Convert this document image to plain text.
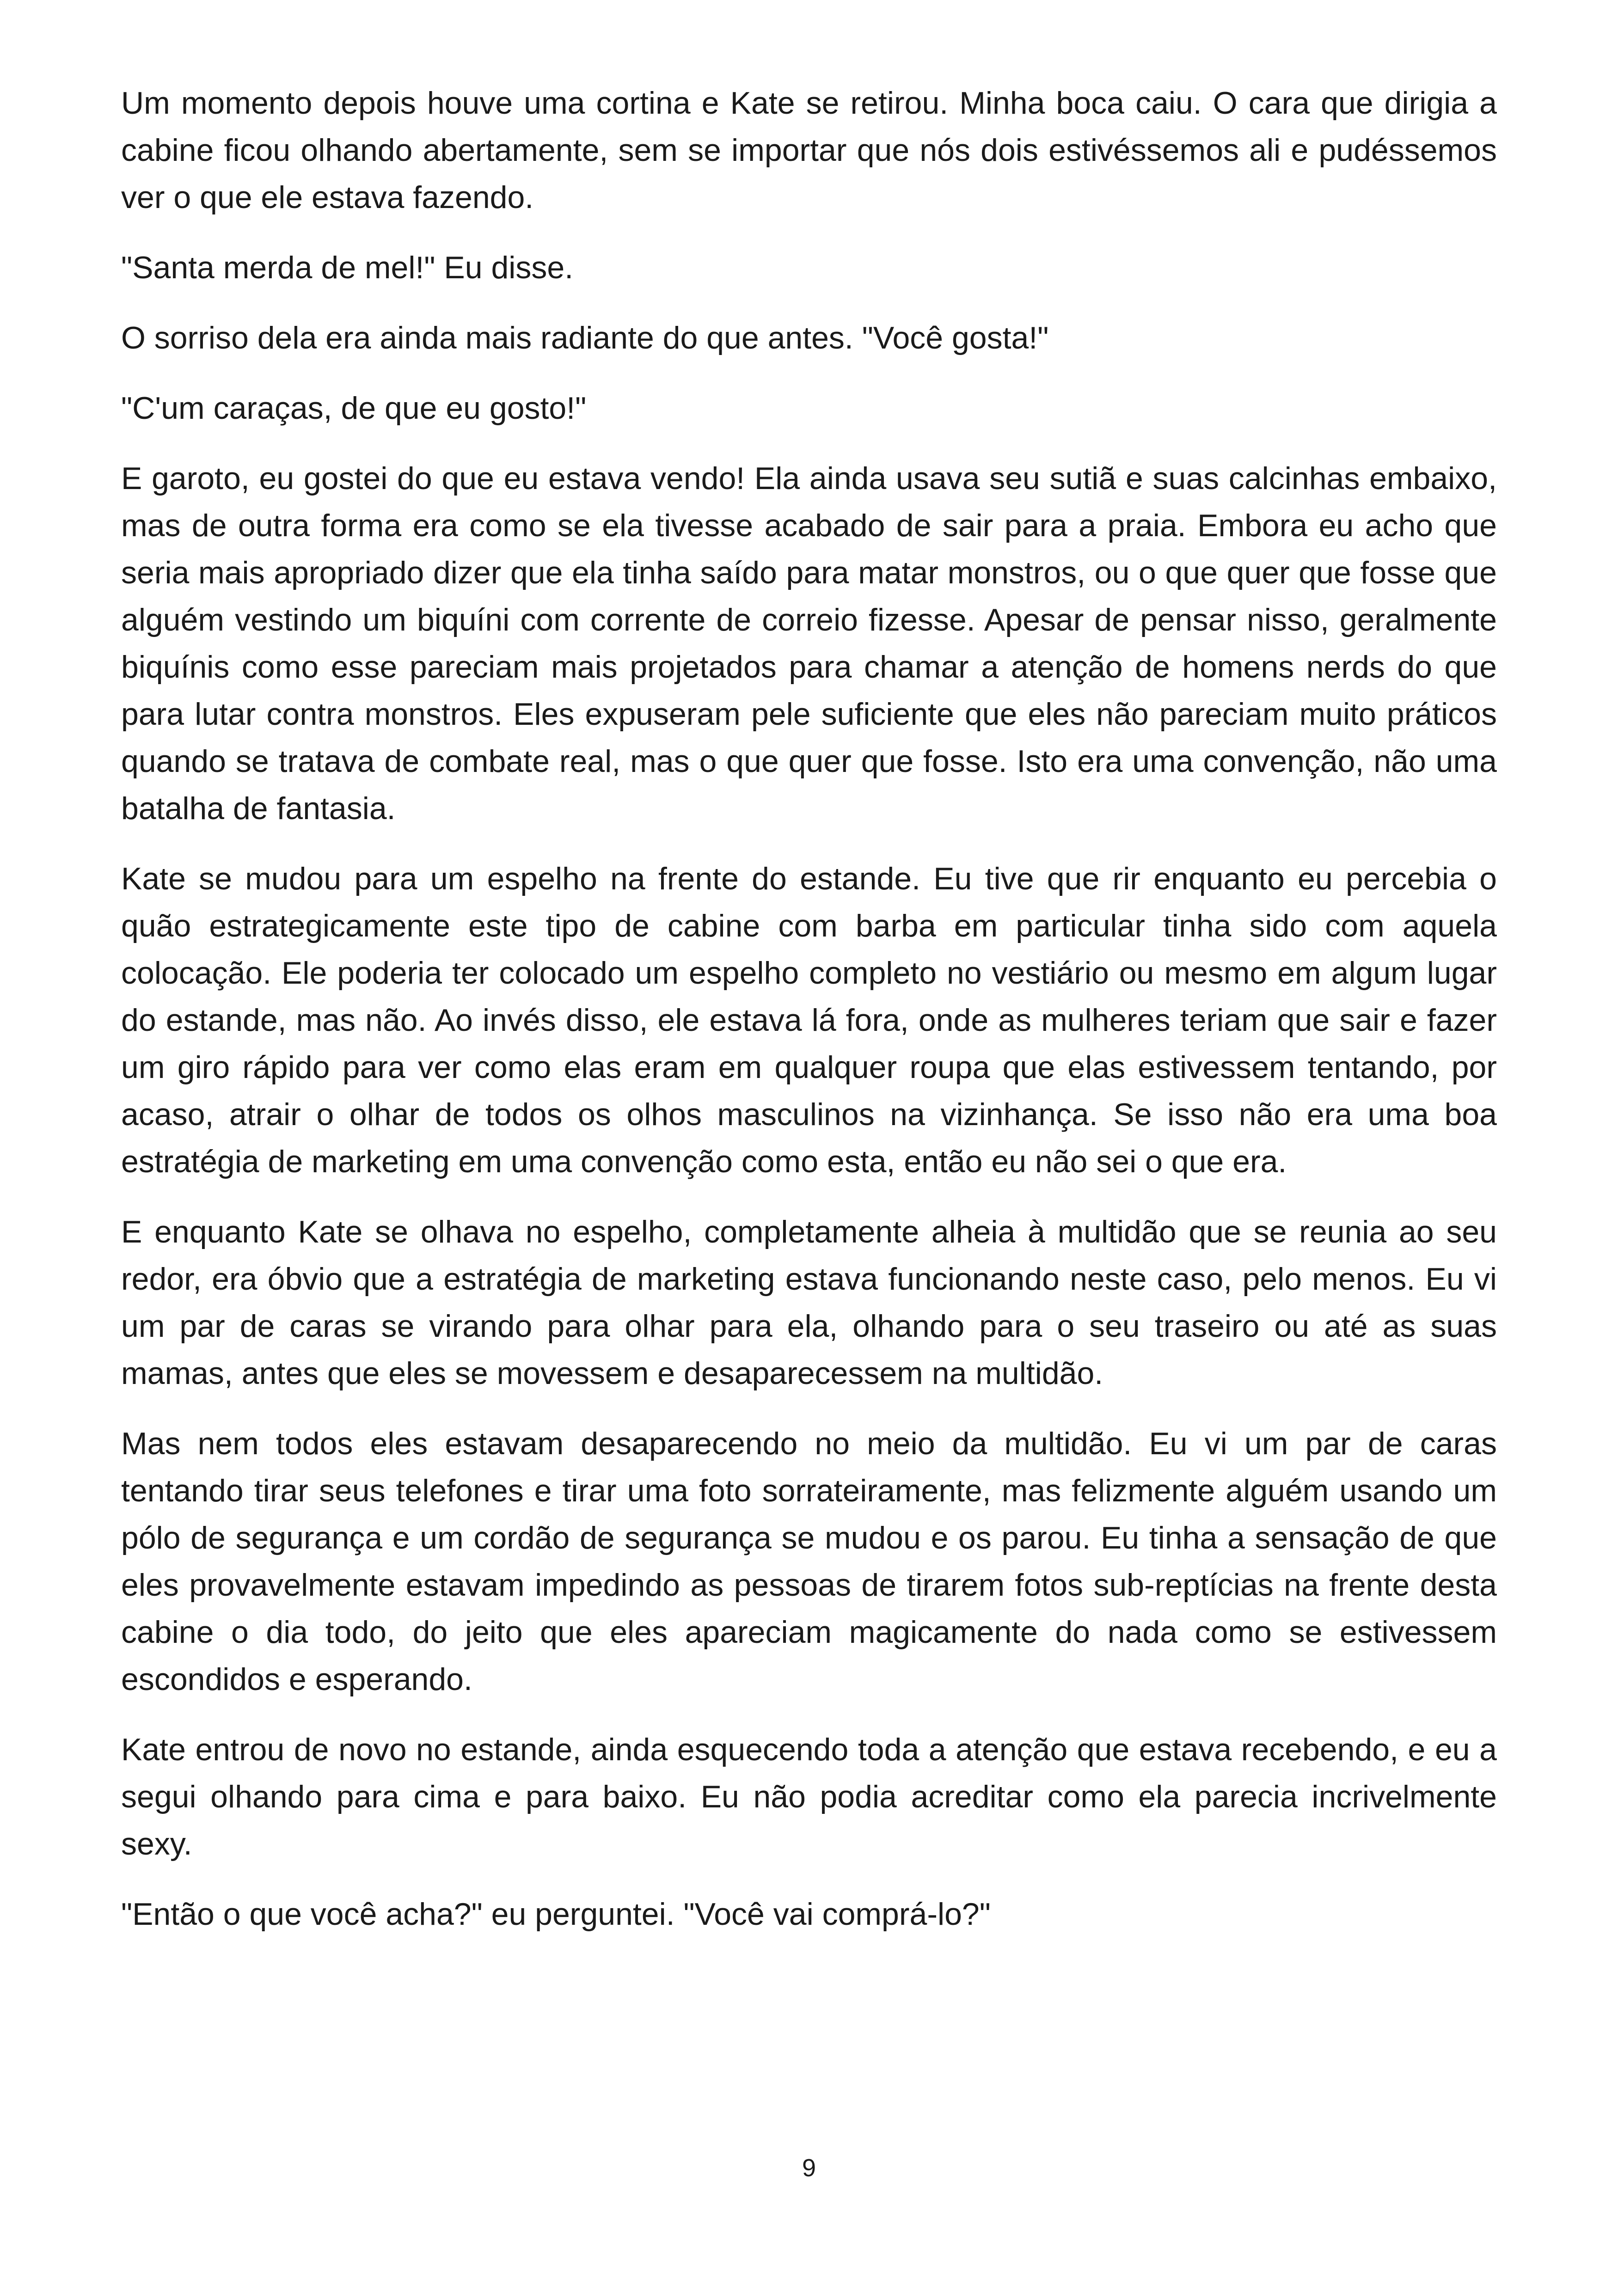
Um momento depois houve uma cortina e Kate se retirou. Minha boca caiu. O cara que dirigia a cabine ficou olhando abertamente, sem se importar que nós dois estivéssemos ali e pudéssemos ver o que ele estava fazendo.

"Santa merda de mel!" Eu disse.

O sorriso dela era ainda mais radiante do que antes. "Você gosta!"

"C'um caraças, de que eu gosto!"

E garoto, eu gostei do que eu estava vendo! Ela ainda usava seu sutiã e suas calcinhas embaixo, mas de outra forma era como se ela tivesse acabado de sair para a praia. Embora eu acho que seria mais apropriado dizer que ela tinha saído para matar monstros, ou o que quer que fosse que alguém vestindo um biquíni com corrente de correio fizesse. Apesar de pensar nisso, geralmente biquínis como esse pareciam mais projetados para chamar a atenção de homens nerds do que para lutar contra monstros. Eles expuseram pele suficiente que eles não pareciam muito práticos quando se tratava de combate real, mas o que quer que fosse. Isto era uma convenção, não uma batalha de fantasia.

Kate se mudou para um espelho na frente do estande. Eu tive que rir enquanto eu percebia o quão estrategicamente este tipo de cabine com barba em particular tinha sido com aquela colocação. Ele poderia ter colocado um espelho completo no vestiário ou mesmo em algum lugar do estande, mas não. Ao invés disso, ele estava lá fora, onde as mulheres teriam que sair e fazer um giro rápido para ver como elas eram em qualquer roupa que elas estivessem tentando, por acaso, atrair o olhar de todos os olhos masculinos na vizinhança. Se isso não era uma boa estratégia de marketing em uma convenção como esta, então eu não sei o que era.

E enquanto Kate se olhava no espelho, completamente alheia à multidão que se reunia ao seu redor, era óbvio que a estratégia de marketing estava funcionando neste caso, pelo menos. Eu vi um par de caras se virando para olhar para ela, olhando para o seu traseiro ou até as suas mamas, antes que eles se movessem e desaparecessem na multidão.

Mas nem todos eles estavam desaparecendo no meio da multidão. Eu vi um par de caras tentando tirar seus telefones e tirar uma foto sorrateiramente, mas felizmente alguém usando um pólo de segurança e um cordão de segurança se mudou e os parou. Eu tinha a sensação de que eles provavelmente estavam impedindo as pessoas de tirarem fotos sub-reptícias na frente desta cabine o dia todo, do jeito que eles apareciam magicamente do nada como se estivessem escondidos e esperando.

Kate entrou de novo no estande, ainda esquecendo toda a atenção que estava recebendo, e eu a segui olhando para cima e para baixo. Eu não podia acreditar como ela parecia incrivelmente sexy.

"Então o que você acha?" eu perguntei. "Você vai comprá-lo?"

9
